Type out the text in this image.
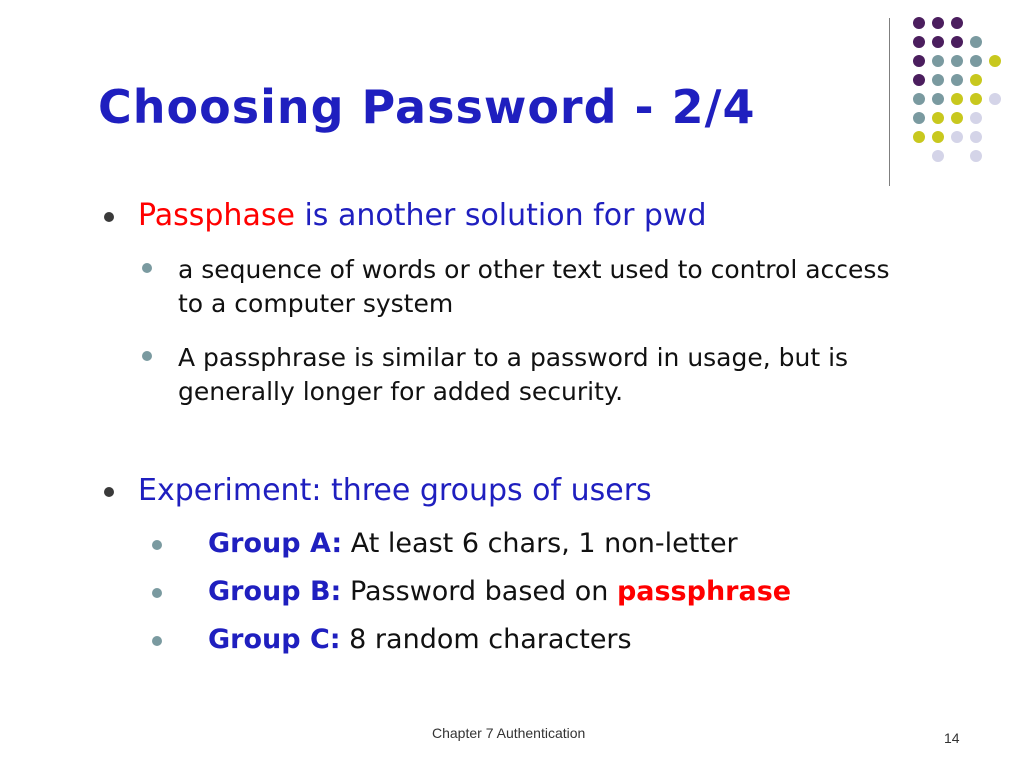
Choosing Password - 2/4
Passphase is another solution for pwd
a sequence of words or other text used to control access to a computer system
A passphrase is similar to a password in usage, but is generally longer for added security.
Experiment: three groups of users
Group A: At least 6 chars, 1 non-letter
Group B: Password based on passphrase
Group C: 8 random characters
Chapter 7 Authentication	14
